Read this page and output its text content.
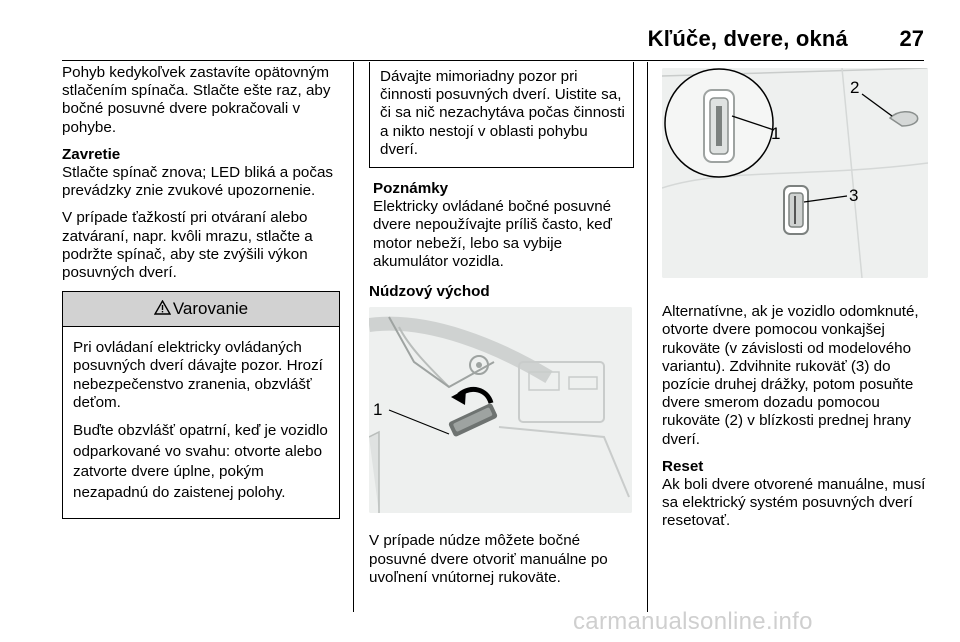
Kľúče, dvere, okná 27

Pohyb kedykoľvek zastavíte opätovným stlačením spínača. Stlačte ešte raz, aby bočné posuvné dvere pokračovali v pohybe.

Zavretie

Stlačte spínač znova; LED bliká a počas prevádzky znie zvukové upozornenie.

V prípade ťažkostí pri otváraní alebo zatváraní, napr. kvôli mrazu, stlačte a podržte spínač, aby ste zvýšili výkon posuvných dverí.

Varovanie

Pri ovládaní elektricky ovládaných posuvných dverí dávajte pozor. Hrozí nebezpečenstvo zranenia, obzvlášť deťom.

Buďte obzvlášť opatrní, keď je vozidlo odparkované vo svahu: otvorte alebo zatvorte dvere úplne, pokým nezapadnú do zaistenej polohy.

Dávajte mimoriadny pozor pri činnosti posuvných dverí. Uistite sa, či sa nič nezachytáva počas činnosti a nikto nestojí v oblasti pohybu dverí.
Poznámky
Elektricky ovládané bočné posuvné dvere nepoužívajte príliš často, keď motor nebeží, lebo sa vybije akumulátor vozidla.
Núdzový východ
1

V prípade núdze môžete bočné posuvné dvere otvoriť manuálne po uvoľnení vnútornej rukoväte.

1
2
3

Alternatívne, ak je vozidlo odomknuté, otvorte dvere pomocou vonkajšej rukoväte (v závislosti od modelového variantu). Zdvihnite rukoväť (3) do pozície druhej drážky, potom posuňte dvere smerom dozadu pomocou rukoväte (2) v blízkosti prednej hrany dverí.

Reset

Ak boli dvere otvorené manuálne, musí sa elektrický systém posuvných dverí resetovať.

carmanualsonline.info
